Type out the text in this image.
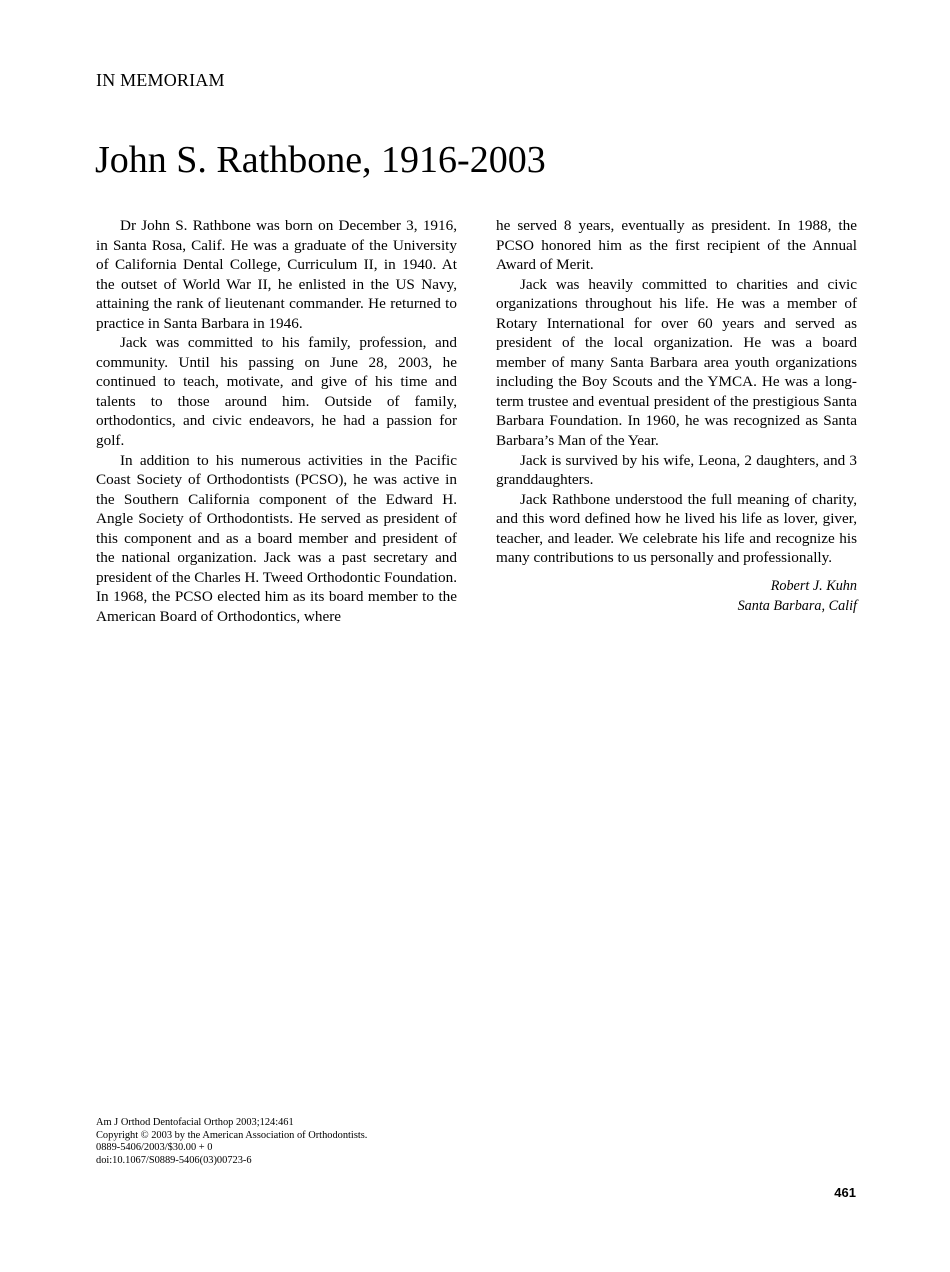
IN MEMORIAM
John S. Rathbone, 1916-2003

Dr John S. Rathbone was born on December 3, 1916, in Santa Rosa, Calif. He was a graduate of the University of California Dental College, Curriculum II, in 1940. At the outset of World War II, he enlisted in the US Navy, attaining the rank of lieutenant commander. He returned to practice in Santa Barbara in 1946.

Jack was committed to his family, profession, and community. Until his passing on June 28, 2003, he continued to teach, motivate, and give of his time and talents to those around him. Outside of family, orthodontics, and civic endeavors, he had a passion for golf.

In addition to his numerous activities in the Pacific Coast Society of Orthodontists (PCSO), he was active in the Southern California component of the Edward H. Angle Society of Orthodontists. He served as president of this component and as a board member and president of the national organization. Jack was a past secretary and president of the Charles H. Tweed Orthodontic Foundation. In 1968, the PCSO elected him as its board member to the American Board of Orthodontics, where

he served 8 years, eventually as president. In 1988, the PCSO honored him as the first recipient of the Annual Award of Merit.

Jack was heavily committed to charities and civic organizations throughout his life. He was a member of Rotary International for over 60 years and served as president of the local organization. He was a board member of many Santa Barbara area youth organizations including the Boy Scouts and the YMCA. He was a long-term trustee and eventual president of the prestigious Santa Barbara Foundation. In 1960, he was recognized as Santa Barbara’s Man of the Year.

Jack is survived by his wife, Leona, 2 daughters, and 3 granddaughters.

Jack Rathbone understood the full meaning of charity, and this word defined how he lived his life as lover, giver, teacher, and leader. We celebrate his life and recognize his many contributions to us personally and professionally.

Robert J. Kuhn
Santa Barbara, Calif
Am J Orthod Dentofacial Orthop 2003;124:461
Copyright © 2003 by the American Association of Orthodontists.
0889-5406/2003/$30.00 + 0
doi:10.1067/S0889-5406(03)00723-6
461
